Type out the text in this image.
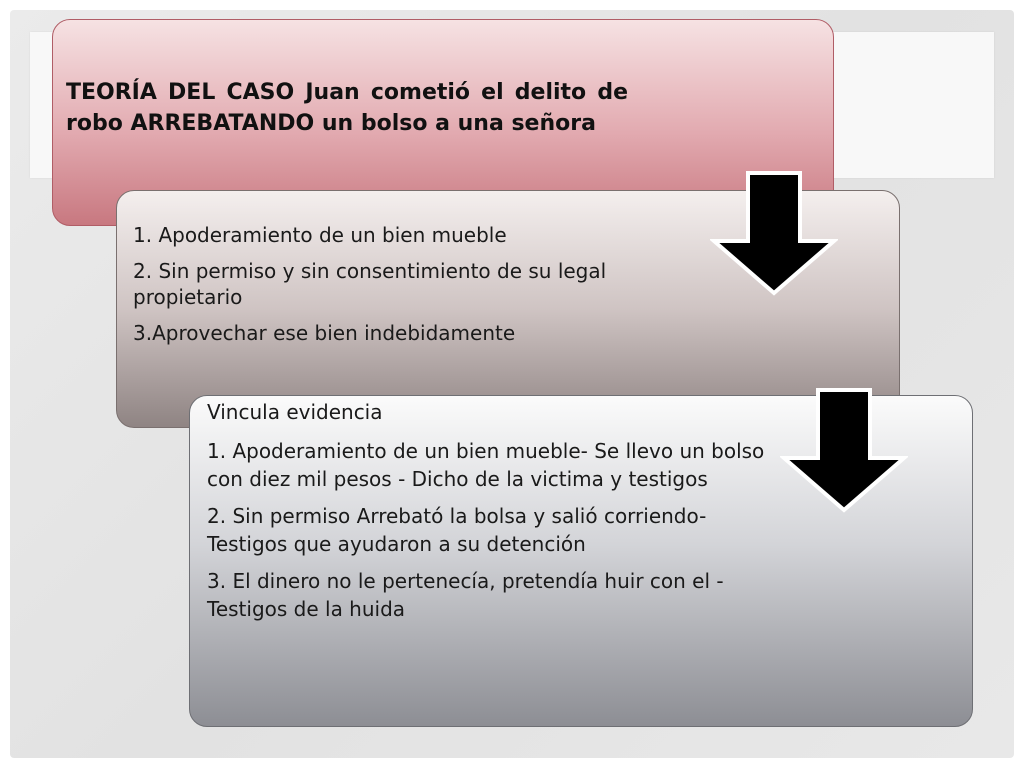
TEORÍA DEL CASO Juan cometió el delito de robo ARREBATANDO un bolso a una señora

1. Apoderamiento de un bien mueble
2. Sin permiso y sin consentimiento de su legal propietario
3.Aprovechar ese bien indebidamente
Vincula evidencia
1. Apoderamiento de un bien mueble- Se llevo un bolso con diez mil pesos - Dicho de la victima y testigos
2. Sin permiso Arrebató la bolsa y salió corriendo- Testigos que ayudaron a su detención
3. El dinero no le pertenecía, pretendía huir con el - Testigos de la huida
